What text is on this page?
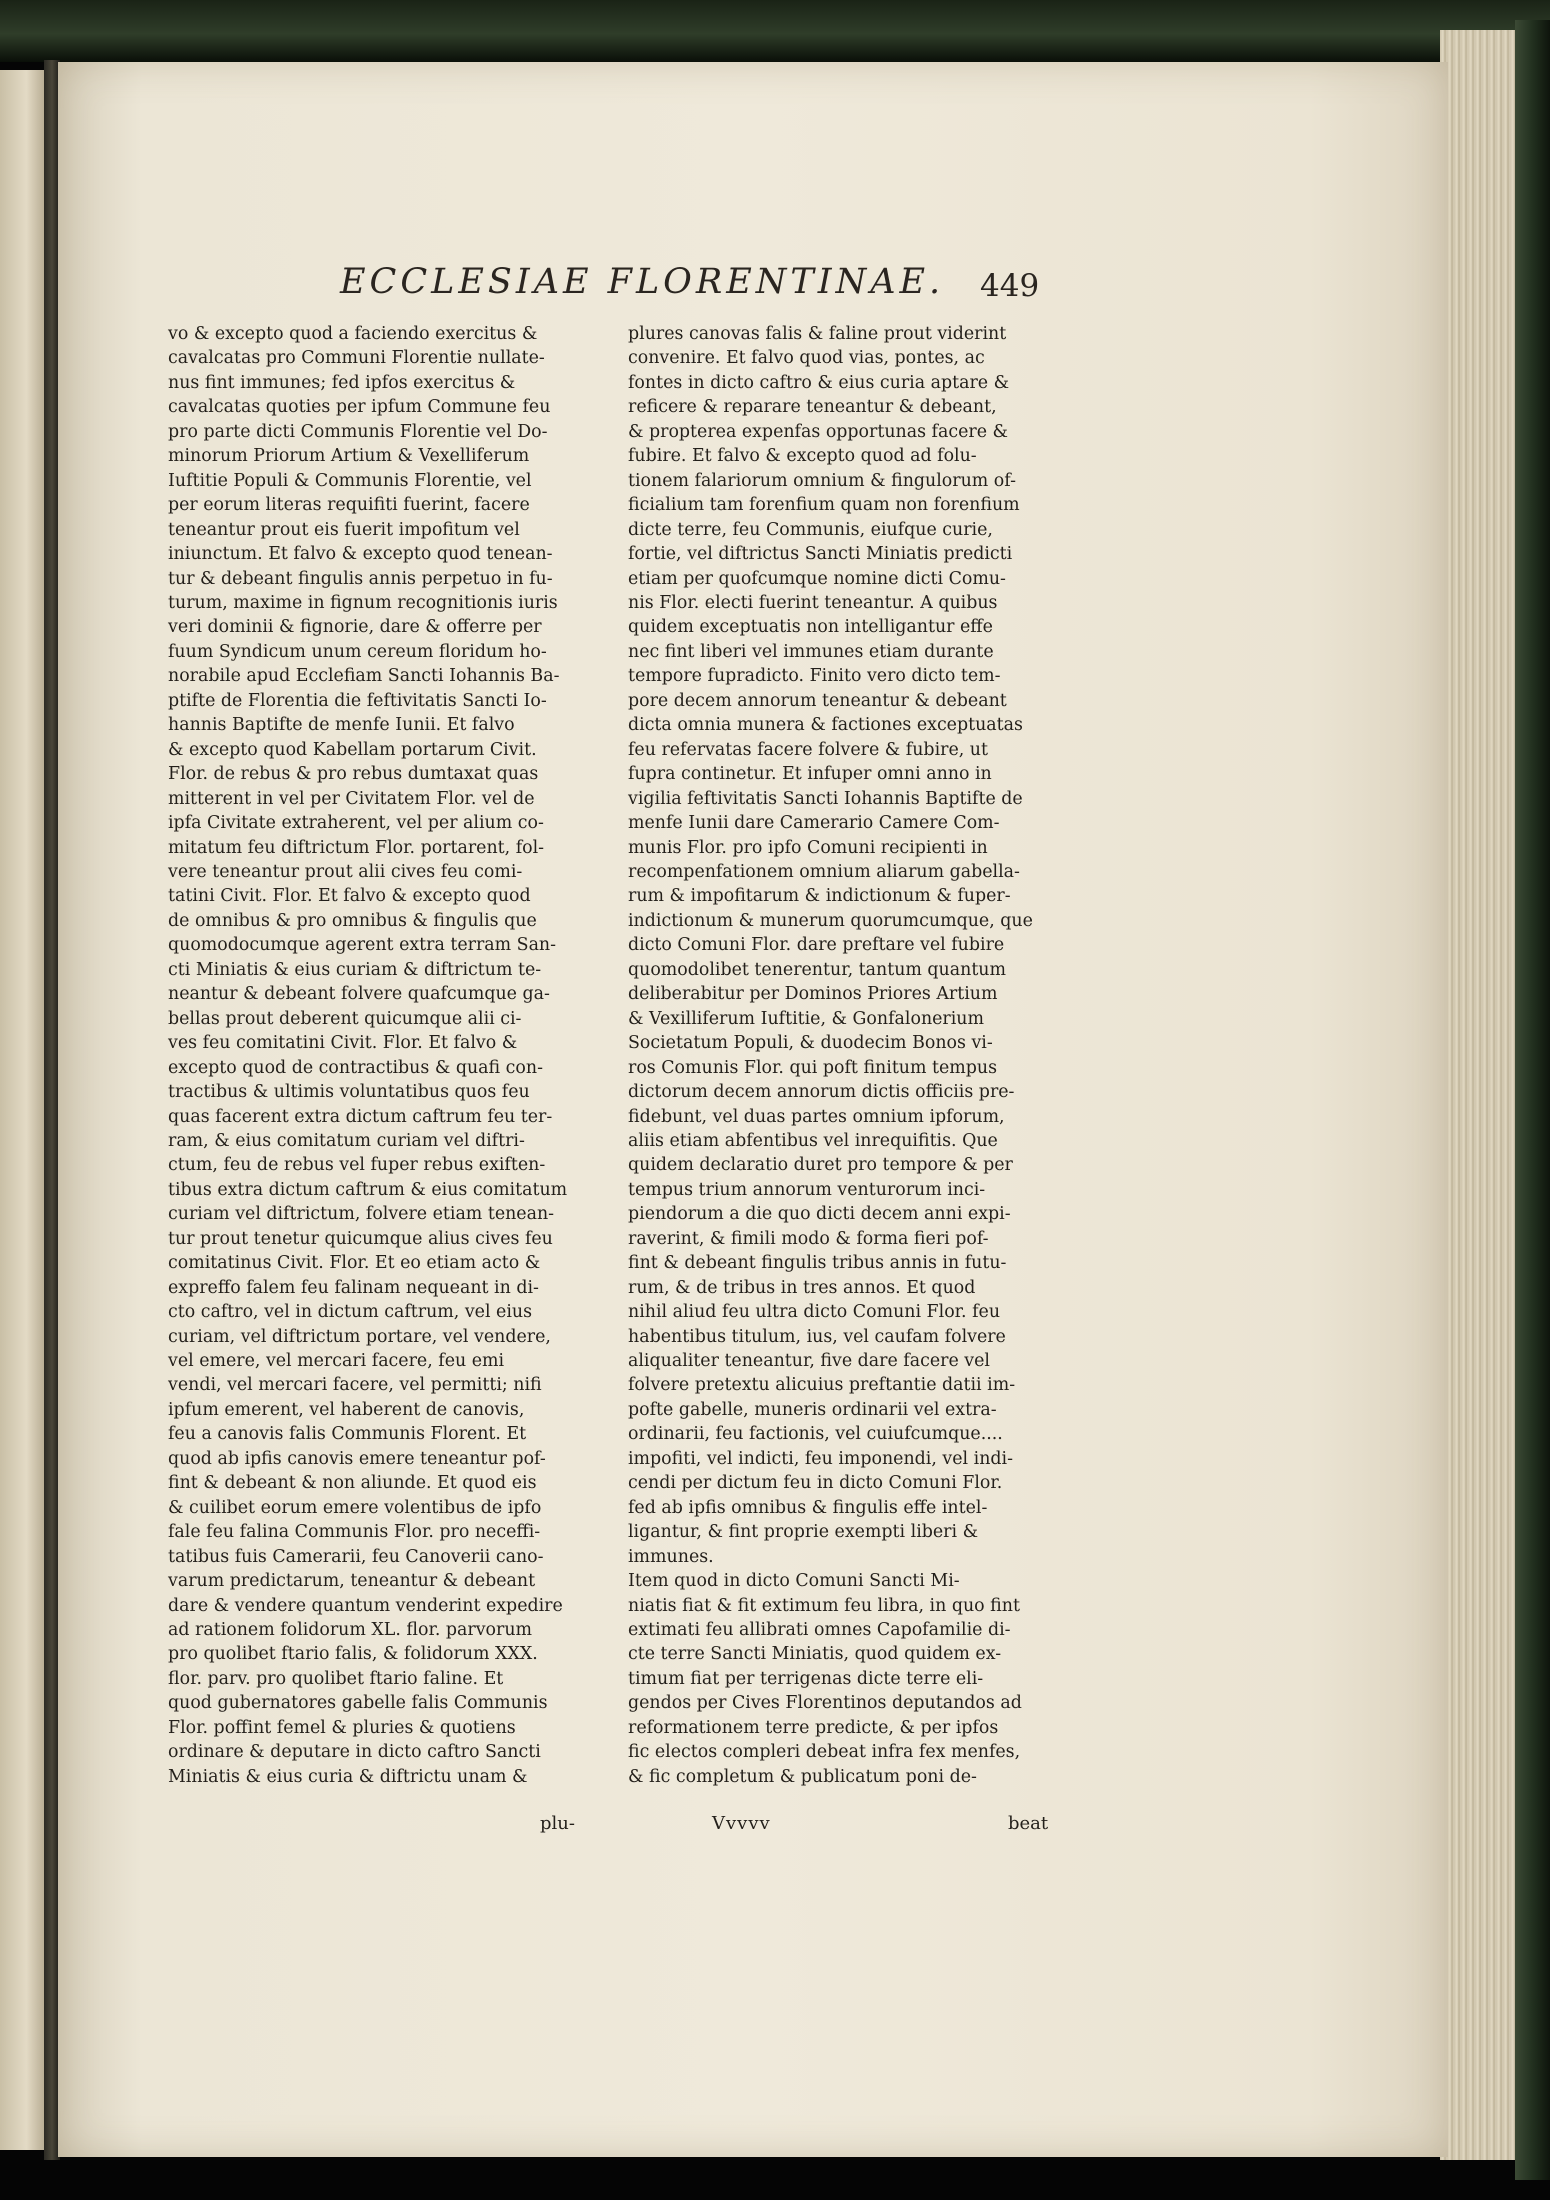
ECCLESIAE FLORENTINAE. 449
vo & excepto quod a faciendo exercitus &
cavalcatas pro Communi Florentie nullate-
nus fint immunes; fed ipfos exercitus &
cavalcatas quoties per ipfum Commune feu
pro parte dicti Communis Florentie vel Do-
minorum Priorum Artium & Vexelliferum
Iuftitie Populi & Communis Florentie, vel
per eorum literas requifiti fuerint, facere
teneantur prout eis fuerit impofitum vel
iniunctum. Et falvo & excepto quod tenean-
tur & debeant fingulis annis perpetuo in fu-
turum, maxime in fignum recognitionis iuris
veri dominii & fignorie, dare & offerre per
fuum Syndicum unum cereum floridum ho-
norabile apud Ecclefiam Sancti Iohannis Ba-
ptifte de Florentia die feftivitatis Sancti Io-
hannis Baptifte de menfe Iunii. Et falvo
& excepto quod Kabellam portarum Civit.
Flor. de rebus & pro rebus dumtaxat quas
mitterent in vel per Civitatem Flor. vel de
ipfa Civitate extraherent, vel per alium co-
mitatum feu diftrictum Flor. portarent, fol-
vere teneantur prout alii cives feu comi-
tatini Civit. Flor. Et falvo & excepto quod
de omnibus & pro omnibus & fingulis que
quomodocumque agerent extra terram San-
cti Miniatis & eius curiam & diftrictum te-
neantur & debeant folvere quafcumque ga-
bellas prout deberent quicumque alii ci-
ves feu comitatini Civit. Flor. Et falvo &
excepto quod de contractibus & quafi con-
tractibus & ultimis voluntatibus quos feu
quas facerent extra dictum caftrum feu ter-
ram, & eius comitatum curiam vel diftri-
ctum, feu de rebus vel fuper rebus exiften-
tibus extra dictum caftrum & eius comitatum
curiam vel diftrictum, folvere etiam tenean-
tur prout tenetur quicumque alius cives feu
comitatinus Civit. Flor. Et eo etiam acto &
expreffo falem feu falinam nequeant in di-
cto caftro, vel in dictum caftrum, vel eius
curiam, vel diftrictum portare, vel vendere,
vel emere, vel mercari facere, feu emi
vendi, vel mercari facere, vel permitti; nifi
ipfum emerent, vel haberent de canovis,
feu a canovis falis Communis Florent. Et
quod ab ipfis canovis emere teneantur pof-
fint & debeant & non aliunde. Et quod eis
& cuilibet eorum emere volentibus de ipfo
fale feu falina Communis Flor. pro neceffi-
tatibus fuis Camerarii, feu Canoverii cano-
varum predictarum, teneantur & debeant
dare & vendere quantum venderint expedire
ad rationem folidorum XL. flor. parvorum
pro quolibet ftario falis, & folidorum XXX.
flor. parv. pro quolibet ftario faline. Et
quod gubernatores gabelle falis Communis
Flor. poffint femel & pluries & quotiens
ordinare & deputare in dicto caftro Sancti
Miniatis & eius curia & diftrictu unam &
plures canovas falis & faline prout viderint
convenire. Et falvo quod vias, pontes, ac
fontes in dicto caftro & eius curia aptare &
reficere & reparare teneantur & debeant,
& propterea expenfas opportunas facere &
fubire. Et falvo & excepto quod ad folu-
tionem falariorum omnium & fingulorum of-
ficialium tam forenfium quam non forenfium
dicte terre, feu Communis, eiufque curie,
fortie, vel diftrictus Sancti Miniatis predicti
etiam per quofcumque nomine dicti Comu-
nis Flor. electi fuerint teneantur. A quibus
quidem exceptuatis non intelligantur effe
nec fint liberi vel immunes etiam durante
tempore fupradicto. Finito vero dicto tem-
pore decem annorum teneantur & debeant
dicta omnia munera & factiones exceptuatas
feu refervatas facere folvere & fubire, ut
fupra continetur. Et infuper omni anno in
vigilia feftivitatis Sancti Iohannis Baptifte de
menfe Iunii dare Camerario Camere Com-
munis Flor. pro ipfo Comuni recipienti in
recompenfationem omnium aliarum gabella-
rum & impofitarum & indictionum & fuper-
indictionum & munerum quorumcumque, que
dicto Comuni Flor. dare preftare vel fubire
quomodolibet tenerentur, tantum quantum
deliberabitur per Dominos Priores Artium
& Vexilliferum Iuftitie, & Gonfalonerium
Societatum Populi, & duodecim Bonos vi-
ros Comunis Flor. qui poft finitum tempus
dictorum decem annorum dictis officiis pre-
fidebunt, vel duas partes omnium ipforum,
aliis etiam abfentibus vel inrequifitis. Que
quidem declaratio duret pro tempore & per
tempus trium annorum venturorum inci-
piendorum a die quo dicti decem anni expi-
raverint, & fimili modo & forma fieri pof-
fint & debeant fingulis tribus annis in futu-
rum, & de tribus in tres annos. Et quod
nihil aliud feu ultra dicto Comuni Flor. feu
habentibus titulum, ius, vel caufam folvere
aliqualiter teneantur, five dare facere vel
folvere pretextu alicuius preftantie datii im-
pofte gabelle, muneris ordinarii vel extra-
ordinarii, feu factionis, vel cuiufcumque....
impofiti, vel indicti, feu imponendi, vel indi-
cendi per dictum feu in dicto Comuni Flor.
fed ab ipfis omnibus & fingulis effe intel-
ligantur, & fint proprie exempti liberi &
immunes.
Item quod in dicto Comuni Sancti Mi-
niatis fiat & fit extimum feu libra, in quo fint
extimati feu allibrati omnes Capofamilie di-
cte terre Sancti Miniatis, quod quidem ex-
timum fiat per terrigenas dicte terre eli-
gendos per Cives Florentinos deputandos ad
reformationem terre predicte, & per ipfos
fic electos compleri debeat infra fex menfes,
& fic completum & publicatum poni de-
plu-	Vvvvv	beat
